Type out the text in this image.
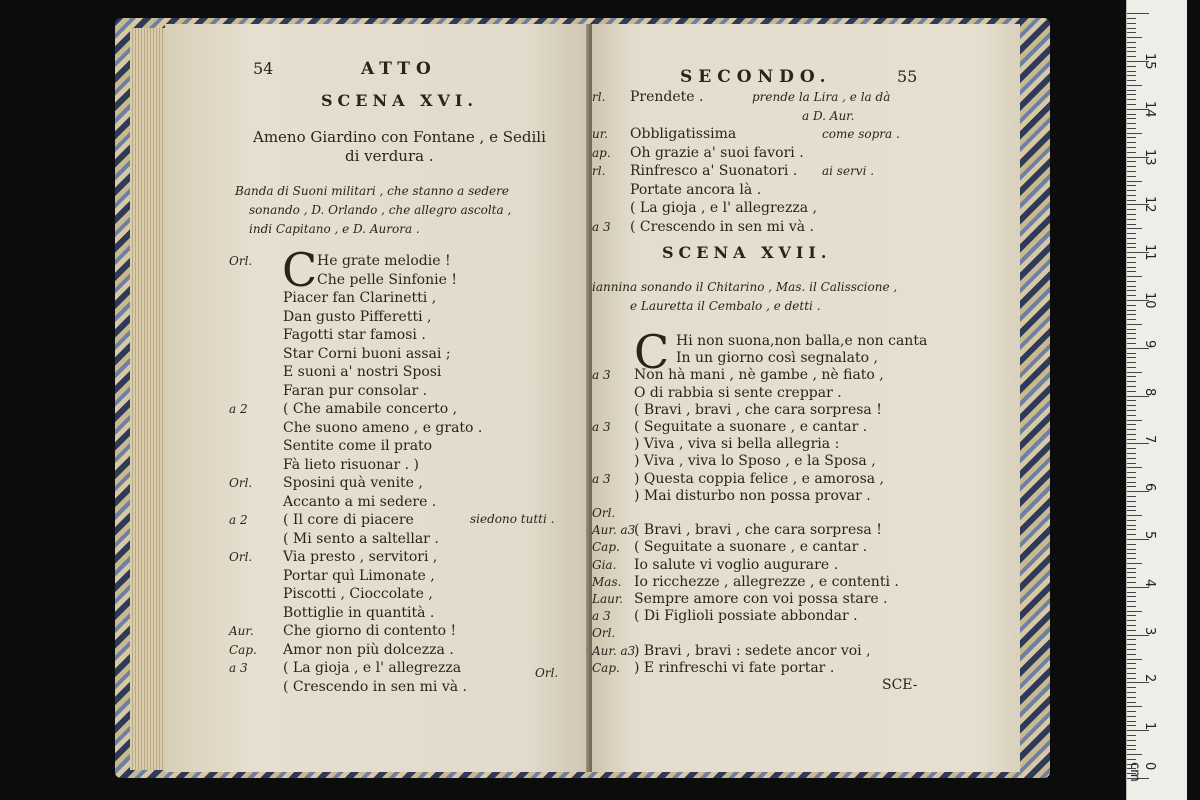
54	ATTO
SCENA XVI.
Ameno Giardino con Fontane , e Sedili
di verdura .
Banda di Suoni militari , che stanno a sedere
sonando , D. Orlando , che allegro ascolta ,
indi Capitano , e D. Aurora .
C
Orl.	He grate melodie !
Che pelle Sinfonie !
Piacer fan Clarinetti ,
Dan gusto Pifferetti ,
Fagotti star famosi .
Star Corni buoni assai ;
E suoni a' nostri Sposi
Faran pur consolar .
a 2	( Che amabile concerto ,
Che suono ameno , e grato .
Sentite come il prato
Fà lieto risuonar . )
Orl. Sposini quà venite ,
Accanto a mi sedere .
a 2	( Il core di piacere
( Mi sento a saltellar .
Orl. Via presto , servitori ,
Portar quì Limonate ,
Piscotti , Cioccolate ,
Bottiglie in quantità .
Aur. Che giorno di contento !
Cap. Amor non più dolcezza .
a 3	( La gioja , e l' allegrezza
( Crescendo in sen mi và .
siedono tutti .
Orl.
SECONDO.	55
rl. Prendete .	prende la Lira , e la dà
a D. Aur.
ur. Obbligatissima	come sopra .
ap. Oh grazie a' suoi favori .
rl. Rinfresco a' Suonatori . ai servi .
Portate ancora là .
( La gioja , e l' allegrezza ,
a 3 ( Crescendo in sen mi và .
SCENA XVII.
iannina sonando il Chitarino , Mas. il Calisscione ,
e Lauretta il Cembalo , e detti .
C Hi non suona,non balla,e non canta
In un giorno così segnalato ,
a 3 Non hà mani , nè gambe , nè fiato ,
O di rabbia si sente creppar .
( Bravi , bravi , che cara sorpresa !
a 3 ( Seguitate a suonare , e cantar .
) Viva , viva si bella allegria :
) Viva , viva lo Sposo , e la Sposa ,
a 3 ) Questa coppia felice , e amorosa ,
) Mai disturbo non possa provar .
Orl.
Aur. a3
( Bravi , bravi , che cara sorpresa !
Cap. ( Seguitate a suonare , e cantar .
Gia. Io salute vi voglio augurare .
Mas. Io ricchezze , allegrezze , e contenti .
Laur. Sempre amore con voi possa stare .
a 3 ( Di Figlioli possiate abbondar .
Orl.
Aur. a3
) Bravi , bravi : sedete ancor voi ,
Cap. ) E rinfreschi vi fate portar .
SCE-
1
2
3
4
5
6
7
8
9
10
11
12
13
14
15
0 cm
